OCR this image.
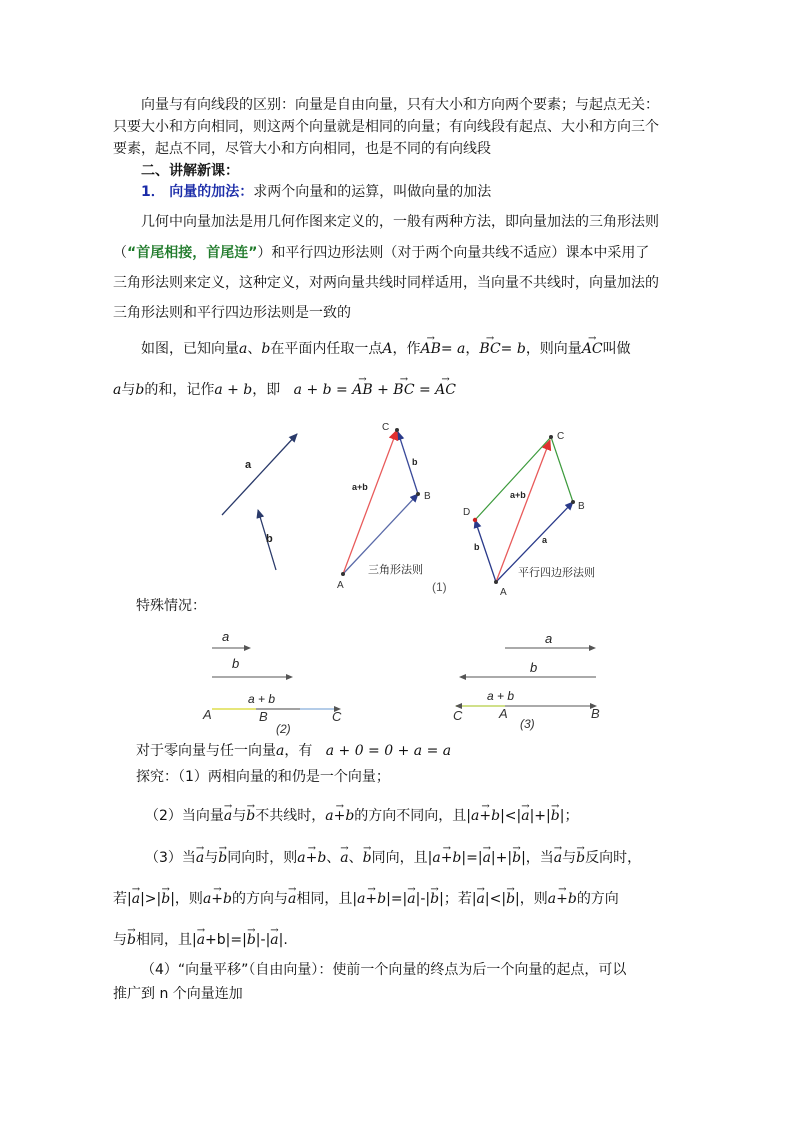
向量与有向线段的区别：向量是自由向量，只有大小和方向两个要素；与起点无关：
只要大小和方向相同，则这两个向量就是相同的向量；有向线段有起点、大小和方向三个
要素，起点不同，尽管大小和方向相同，也是不同的有向线段
二、讲解新课：
1． 向量的加法：求两个向量和的运算，叫做向量的加法
几何中向量加法是用几何作图来定义的，一般有两种方法，即向量加法的三角形法则
（“首尾相接，首尾连”）和平行四边形法则（对于两个向量共线不适应）课本中采用了
三角形法则来定义，这种定义，对两向量共线时同样适用，当向量不共线时，向量加法的
三角形法则和平行四边形法则是一致的
如图，已知向量a、b在平面内任取一点A，作→ AB= a，→ BC= b，则向量→ AC叫做
a与b的和，记作a + b，即 a + b = → AB + → BC = → AC
a
b
A
B
C
a+b
b
三角形法则
(1)	A
B
C
D
a+b
a
b
平行四边形法则
特殊情况：
a
b
a + b
A	B	C
(2)
a
b
a + b
C	A	B
(3)
对于零向量与任一向量a，有 a + 0 = 0 + a = a
探究：（1）两相向量的和仍是一个向量；
（2）当向量→ a与→ b不共线时，→ a+b的方向不同向，且|→ a+b|<|→ a|+|→ b|；
（3）当→ a与→ b同向时，则→ a+b、→ a、→ b同向，且|→ a+b|=|→ a|+|→ b|，当→ a与→ b反向时，
若|→ a|>|→ b|，则→ a+b的方向与→ a相同，且|→ a+b|=|→ a|-|→ b|；若|→ a|<|→ b|，则→ a+b的方向
与→ b相同，且|→ a+b|=|→ b|-|→ a|.
（4）“向量平移”（自由向量）：使前一个向量的终点为后一个向量的起点，可以
推广到 n 个向量连加
